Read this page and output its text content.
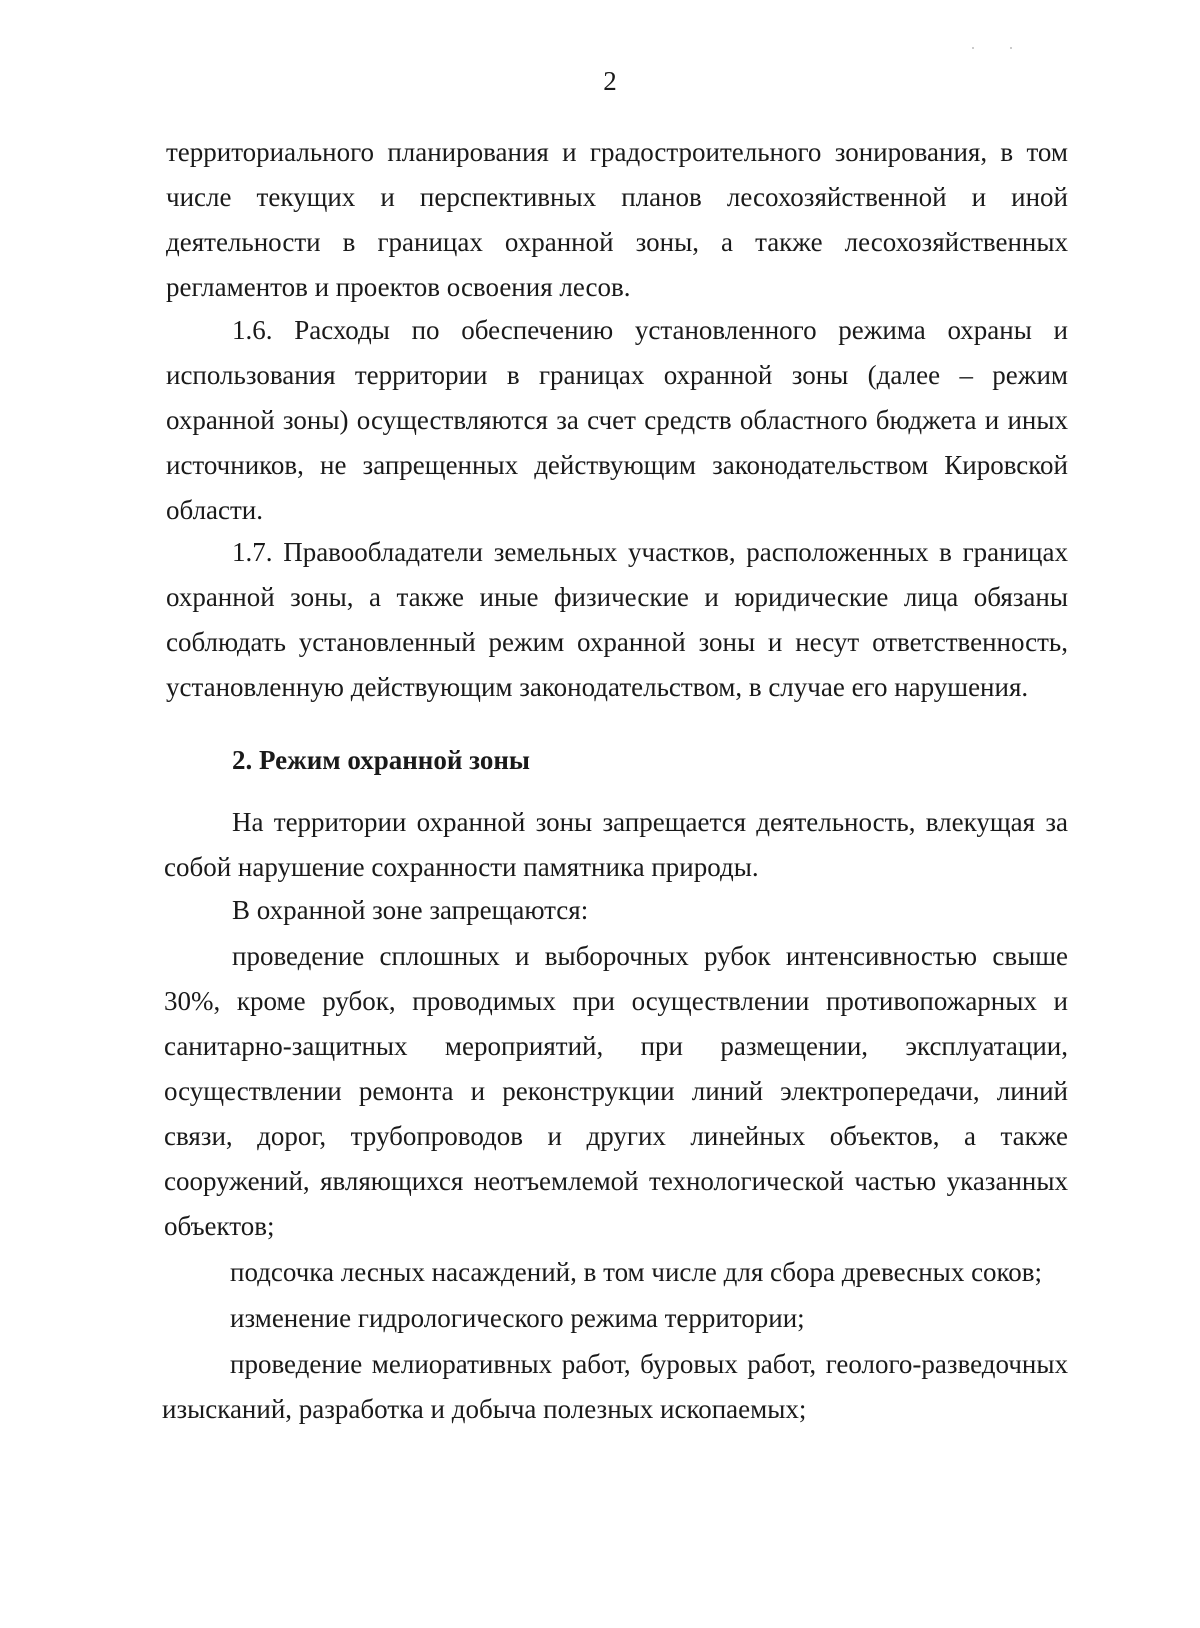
2

территориального планирования и градостроительного зонирования, в том числе текущих и перспективных планов лесохозяйственной и иной деятельности в границах охранной зоны, а также лесохозяйственных регламентов и проектов освоения лесов.

1.6. Расходы по обеспечению установленного режима охраны и использования территории в границах охранной зоны (далее – режим охранной зоны) осуществляются за счет средств областного бюджета и иных источников, не запрещенных действующим законодательством Кировской области.

1.7. Правообладатели земельных участков, расположенных в границах охранной зоны, а также иные физические и юридические лица обязаны соблюдать установленный режим охранной зоны и несут ответственность, установленную действующим законодательством, в случае его нарушения.

2. Режим охранной зоны

На территории охранной зоны запрещается деятельность, влекущая за собой нарушение сохранности памятника природы.

В охранной зоне запрещаются:

проведение сплошных и выборочных рубок интенсивностью свыше 30%, кроме рубок, проводимых при осуществлении противопожарных и санитарно-защитных мероприятий, при размещении, эксплуатации, осуществлении ремонта и реконструкции линий электропередачи, линий связи, дорог, трубопроводов и других линейных объектов, а также сооружений, являющихся неотъемлемой технологической частью указанных объектов;

подсочка лесных насаждений, в том числе для сбора древесных соков;

изменение гидрологического режима территории;

проведение мелиоративных работ, буровых работ, геолого-разведочных изысканий, разработка и добыча полезных ископаемых;
